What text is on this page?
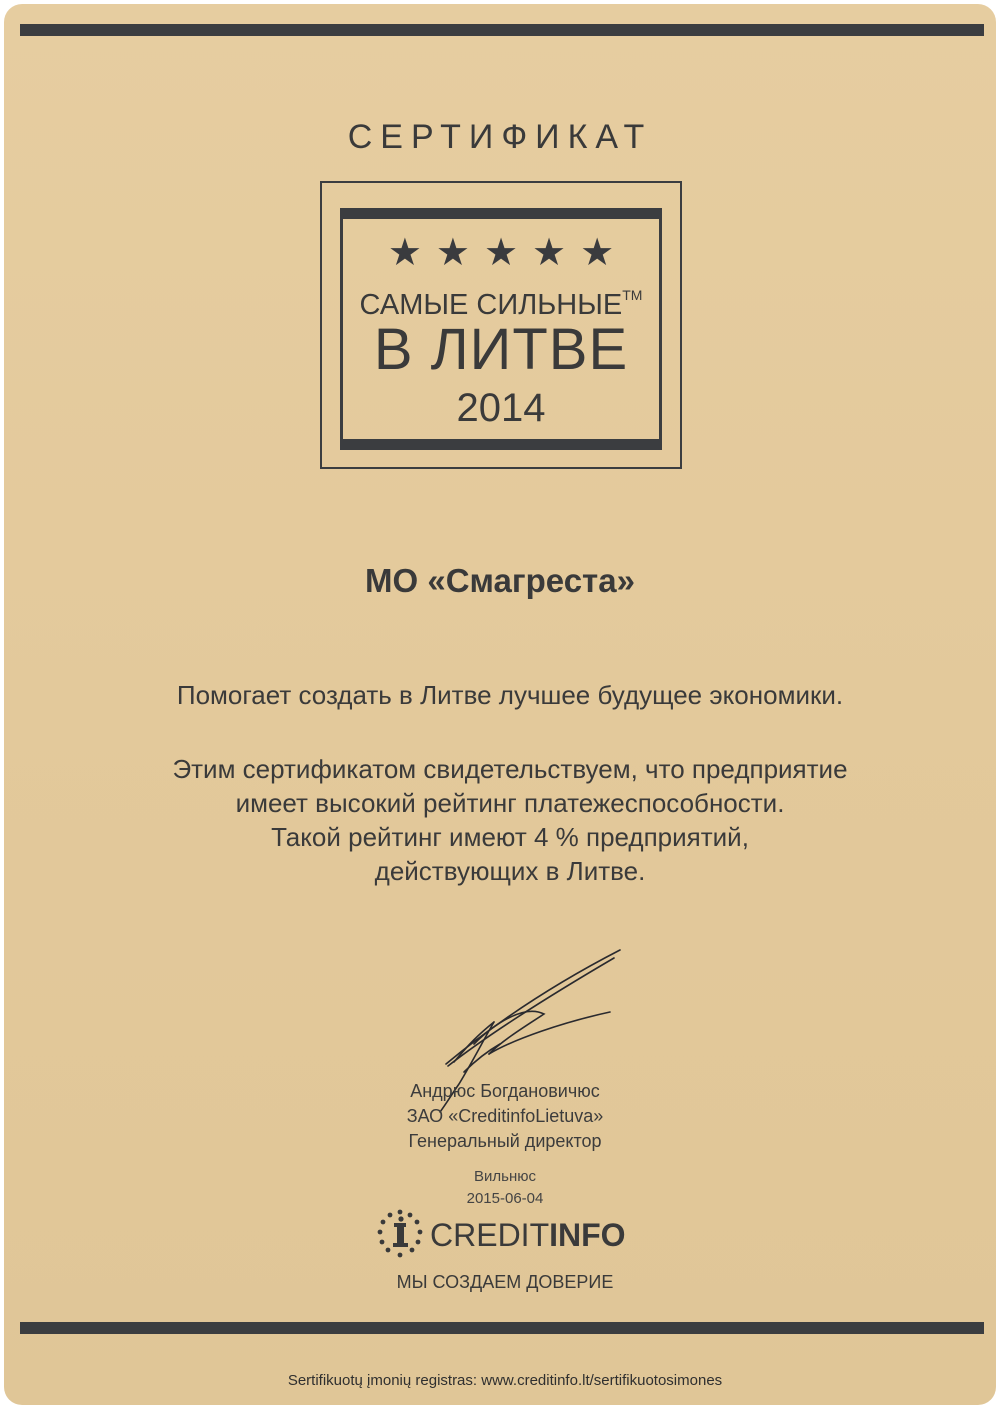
СЕРТИФИКАТ
★★★★★
САМЫЕ СИЛЬНЫЕ™
В ЛИТВЕ
2014
МО «Смагреста»
Помогает создать в Литве лучшее будущее экономики.
Этим сертификатом свидетельствуем, что предприятие
имеет высокий рейтинг платежеспособности.
Такой рейтинг имеют 4 % предприятий,
действующих в Литве.
Андрюс Богдановичюс
ЗАО «CreditinfoLietuva»
Генеральный директор
Вильнюс
2015-06-04
CREDITINFO
МЫ СОЗДАЕМ ДОВЕРИЕ
Sertifikuotų įmonių registras: www.creditinfo.lt/sertifikuotosimones
